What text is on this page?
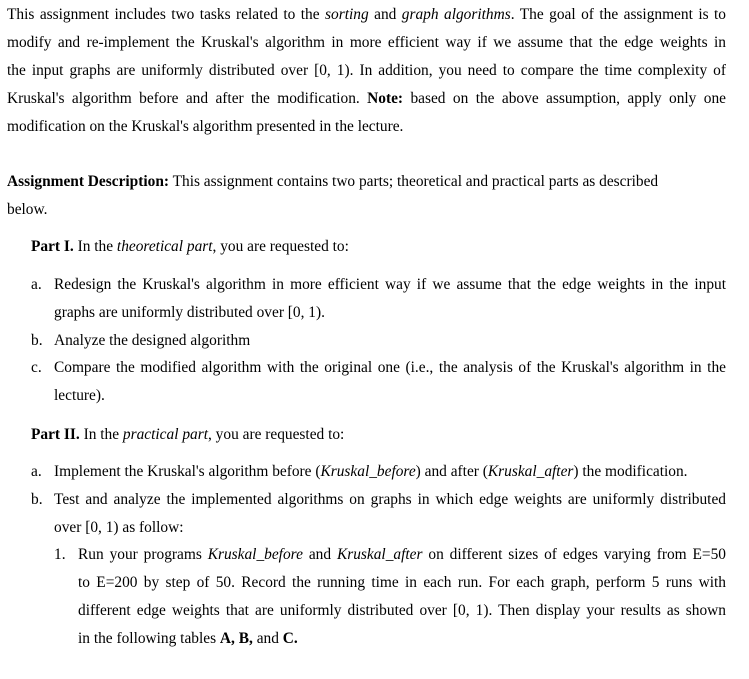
This assignment includes two tasks related to the sorting and graph algorithms. The goal of the assignment is to
modify and re-implement the Kruskal's algorithm in more efficient way if we assume that the edge weights in
the input graphs are uniformly distributed over [0, 1). In addition, you need to compare the time complexity of
Kruskal's algorithm before and after the modification. Note: based on the above assumption, apply only one
modification on the Kruskal's algorithm presented in the lecture.
Assignment Description: This assignment contains two parts; theoretical and practical parts as described
below.
Part I. In the theoretical part, you are requested to:
a. Redesign the Kruskal's algorithm in more efficient way if we assume that the edge weights in the input
graphs are uniformly distributed over [0, 1).
b. Analyze the designed algorithm
c. Compare the modified algorithm with the original one (i.e., the analysis of the Kruskal's algorithm in the
lecture).
Part II. In the practical part, you are requested to:
a. Implement the Kruskal's algorithm before (Kruskal_before) and after (Kruskal_after) the modification.
b. Test and analyze the implemented algorithms on graphs in which edge weights are uniformly distributed
over [0, 1) as follow:
1. Run your programs Kruskal_before and Kruskal_after on different sizes of edges varying from E=50
to E=200 by step of 50. Record the running time in each run. For each graph, perform 5 runs with
different edge weights that are uniformly distributed over [0, 1). Then display your results as shown
in the following tables A, B, and C.
